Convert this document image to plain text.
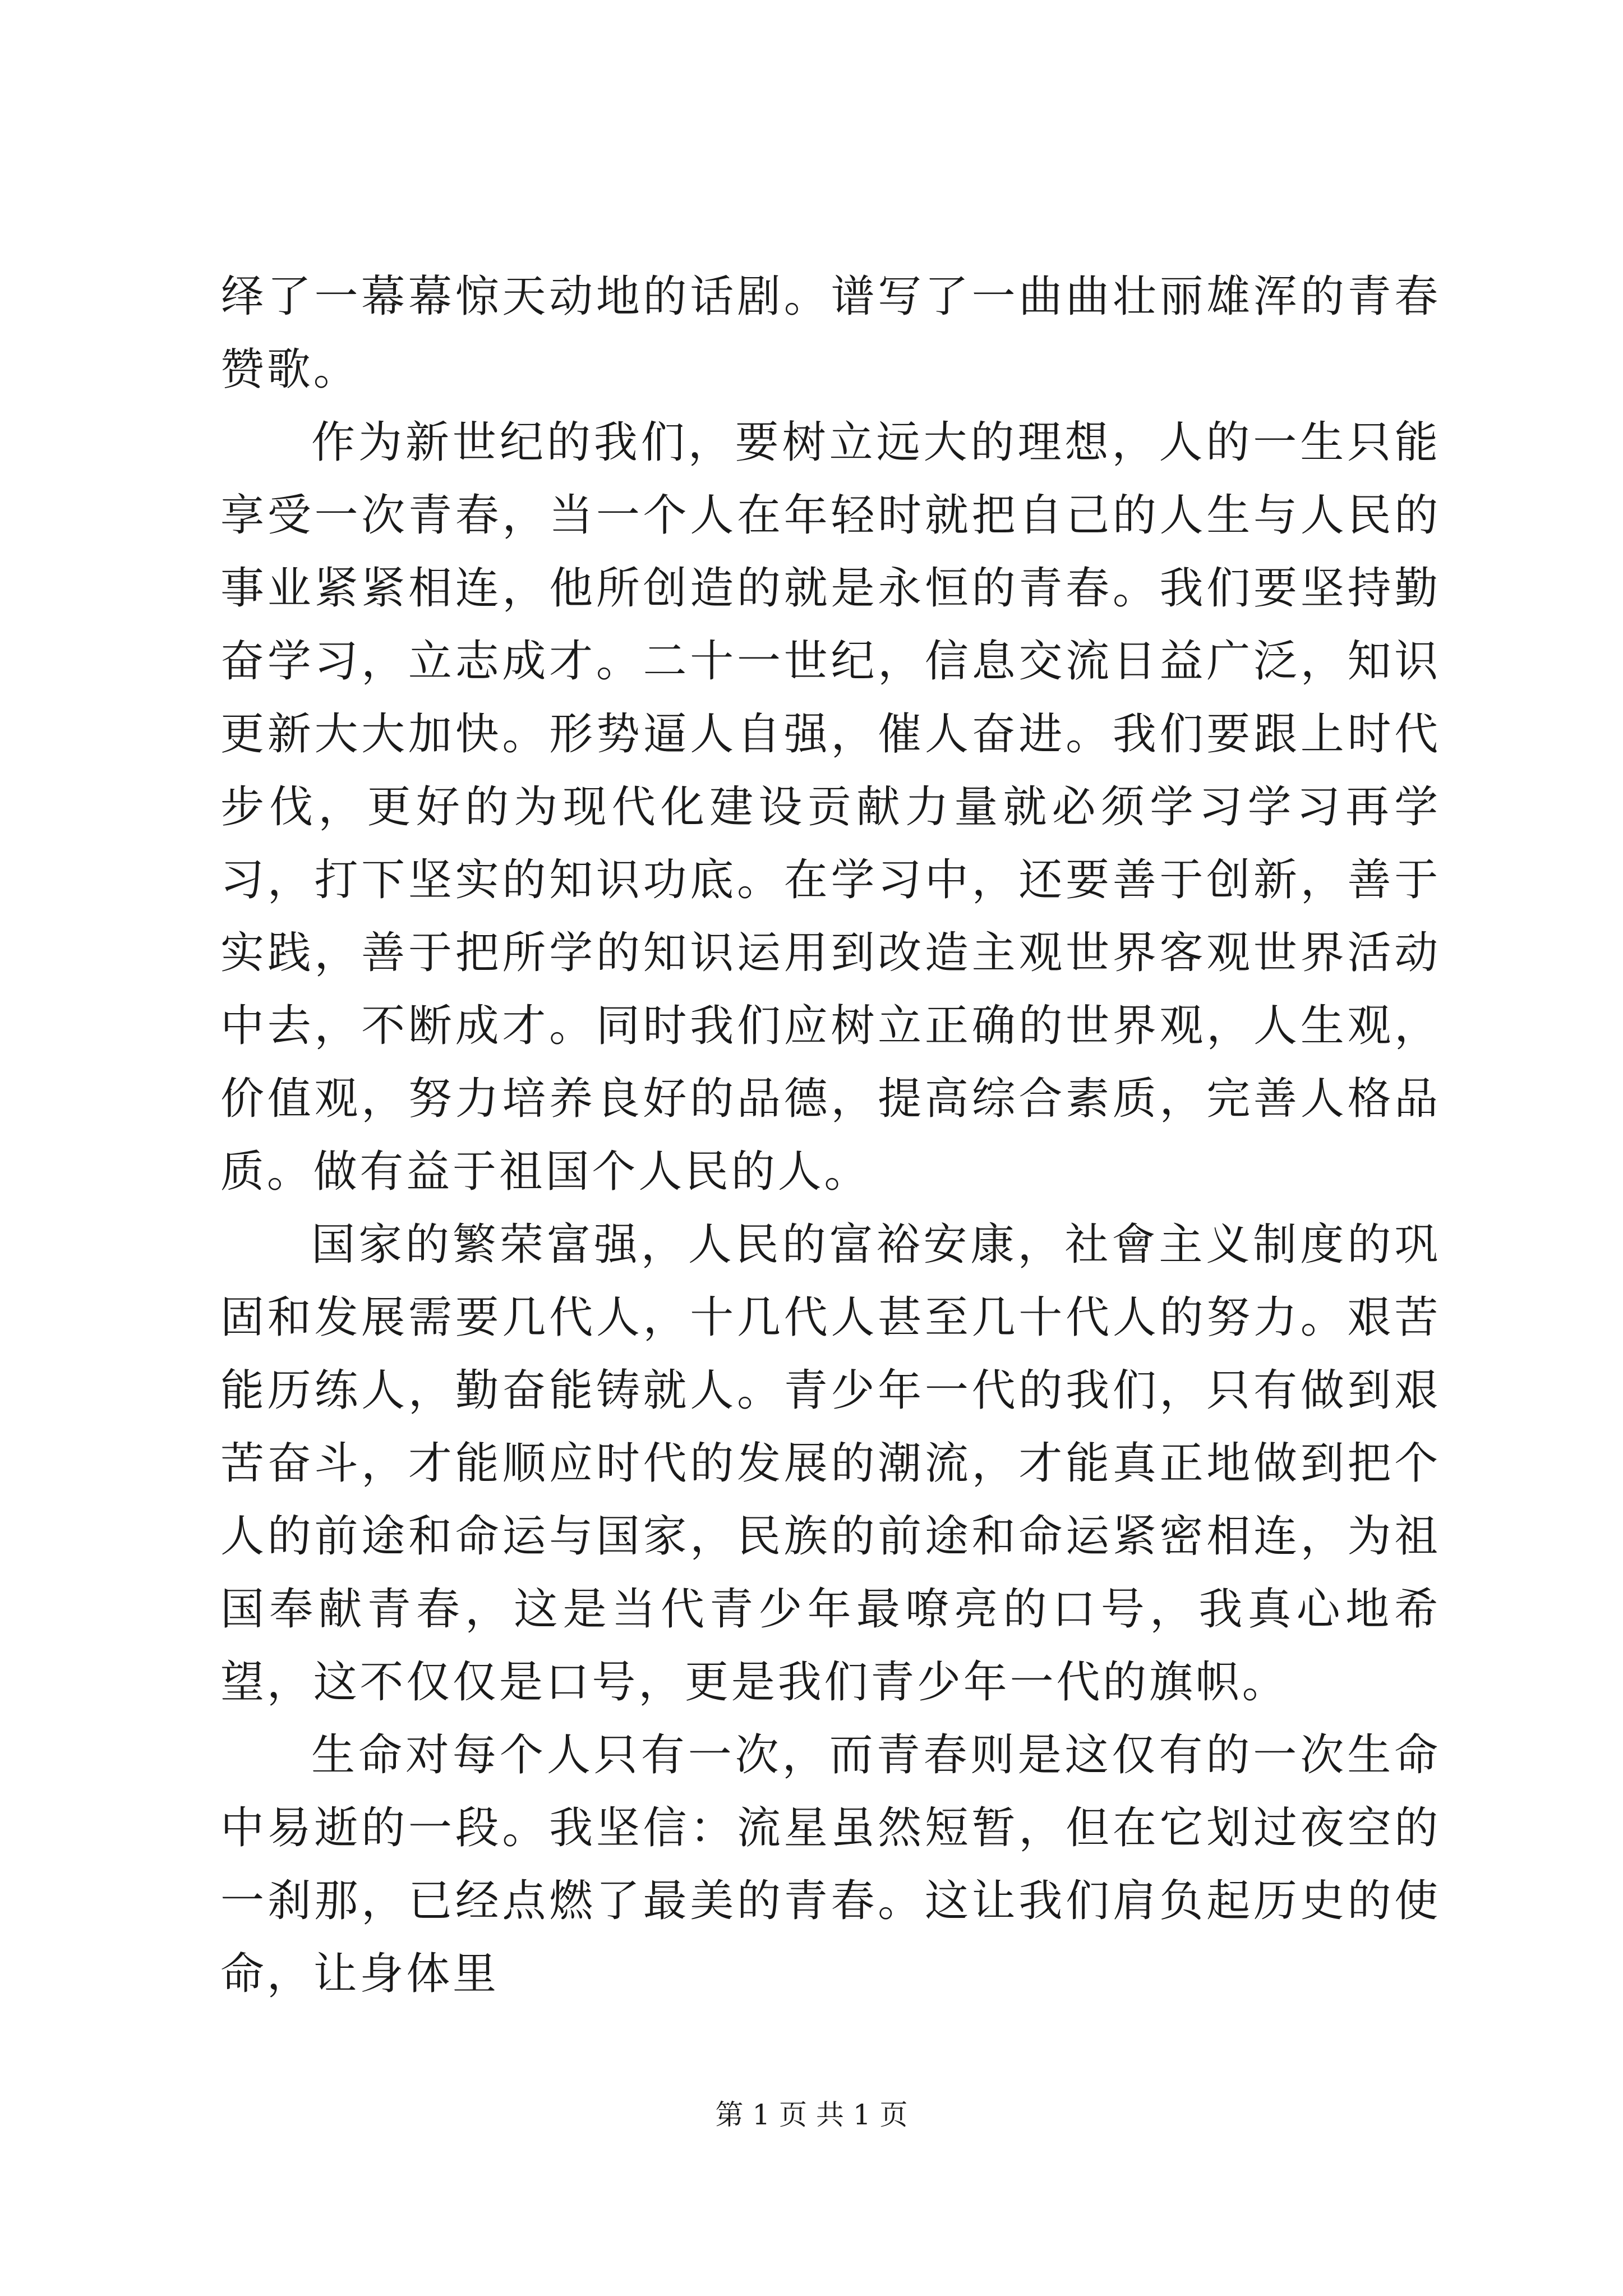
绎了一幕幕惊天动地的话剧。谱写了一曲曲壮丽雄浑的青春赞歌。

作为新世纪的我们，要树立远大的理想，人的一生只能享受一次青春，当一个人在年轻时就把自己的人生与人民的事业紧紧相连，他所创造的就是永恒的青春。我们要坚持勤奋学习，立志成才。二十一世纪，信息交流日益广泛，知识更新大大加快。形势逼人自强，催人奋进。我们要跟上时代步伐，更好的为现代化建设贡献力量就必须学习学习再学习，打下坚实的知识功底。在学习中，还要善于创新，善于实践，善于把所学的知识运用到改造主观世界客观世界活动中去，不断成才。同时我们应树立正确的世界观，人生观，价值观，努力培养良好的品德，提高综合素质，完善人格品质。做有益于祖国个人民的人。

国家的繁荣富强，人民的富裕安康，社會主义制度的巩固和发展需要几代人，十几代人甚至几十代人的努力。艰苦能历练人，勤奋能铸就人。青少年一代的我们，只有做到艰苦奋斗，才能顺应时代的发展的潮流，才能真正地做到把个人的前途和命运与国家，民族的前途和命运紧密相连，为祖国奉献青春，这是当代青少年最嘹亮的口号，我真心地希望，这不仅仅是口号，更是我们青少年一代的旗帜。

生命对每个人只有一次，而青春则是这仅有的一次生命中易逝的一段。我坚信：流星虽然短暂，但在它划过夜空的一刹那，已经点燃了最美的青春。这让我们肩负起历史的使命，让身体里

第 1 页 共 1 页
